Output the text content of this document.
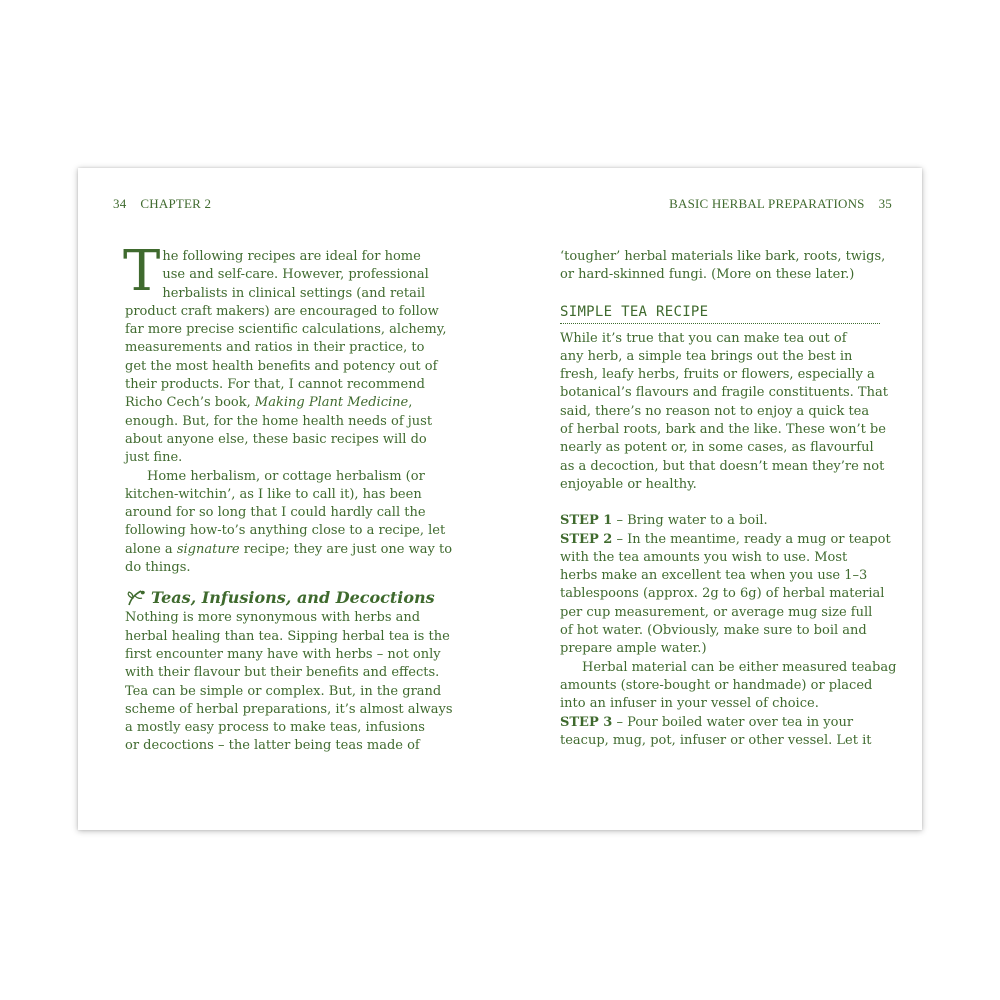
34 CHAPTER 2
T he following recipes are ideal for home
use and self-care. However, professional
herbalists in clinical settings (and retail
product craft makers) are encouraged to follow
far more precise scientific calculations, alchemy,
measurements and ratios in their practice, to
get the most health benefits and potency out of
their products. For that, I cannot recommend
Richo Cech’s book, Making Plant Medicine,
enough. But, for the home health needs of just
about anyone else, these basic recipes will do
just fine.
Home herbalism, or cottage herbalism (or
kitchen-witchin’, as I like to call it), has been
around for so long that I could hardly call the
following how-to’s anything close to a recipe, let
alone a signature recipe; they are just one way to
do things.
Teas, Infusions, and Decoctions
Nothing is more synonymous with herbs and
herbal healing than tea. Sipping herbal tea is the
first encounter many have with herbs – not only
with their flavour but their benefits and effects.
Tea can be simple or complex. But, in the grand
scheme of herbal preparations, it’s almost always
a mostly easy process to make teas, infusions
or decoctions – the latter being teas made of
BASIC HERBAL PREPARATIONS 35
‘tougher’ herbal materials like bark, roots, twigs,
or hard-skinned fungi. (More on these later.)
SIMPLE TEA RECIPE
While it’s true that you can make tea out of
any herb, a simple tea brings out the best in
fresh, leafy herbs, fruits or flowers, especially a
botanical’s flavours and fragile constituents. That
said, there’s no reason not to enjoy a quick tea
of herbal roots, bark and the like. These won’t be
nearly as potent or, in some cases, as flavourful
as a decoction, but that doesn’t mean they’re not
enjoyable or healthy.
STEP 1 – Bring water to a boil.
STEP 2 – In the meantime, ready a mug or teapot
with the tea amounts you wish to use. Most
herbs make an excellent tea when you use 1–3
tablespoons (approx. 2g to 6g) of herbal material
per cup measurement, or average mug size full
of hot water. (Obviously, make sure to boil and
prepare ample water.)
Herbal material can be either measured teabag
amounts (store-bought or handmade) or placed
into an infuser in your vessel of choice.
STEP 3 – Pour boiled water over tea in your
teacup, mug, pot, infuser or other vessel. Let it
